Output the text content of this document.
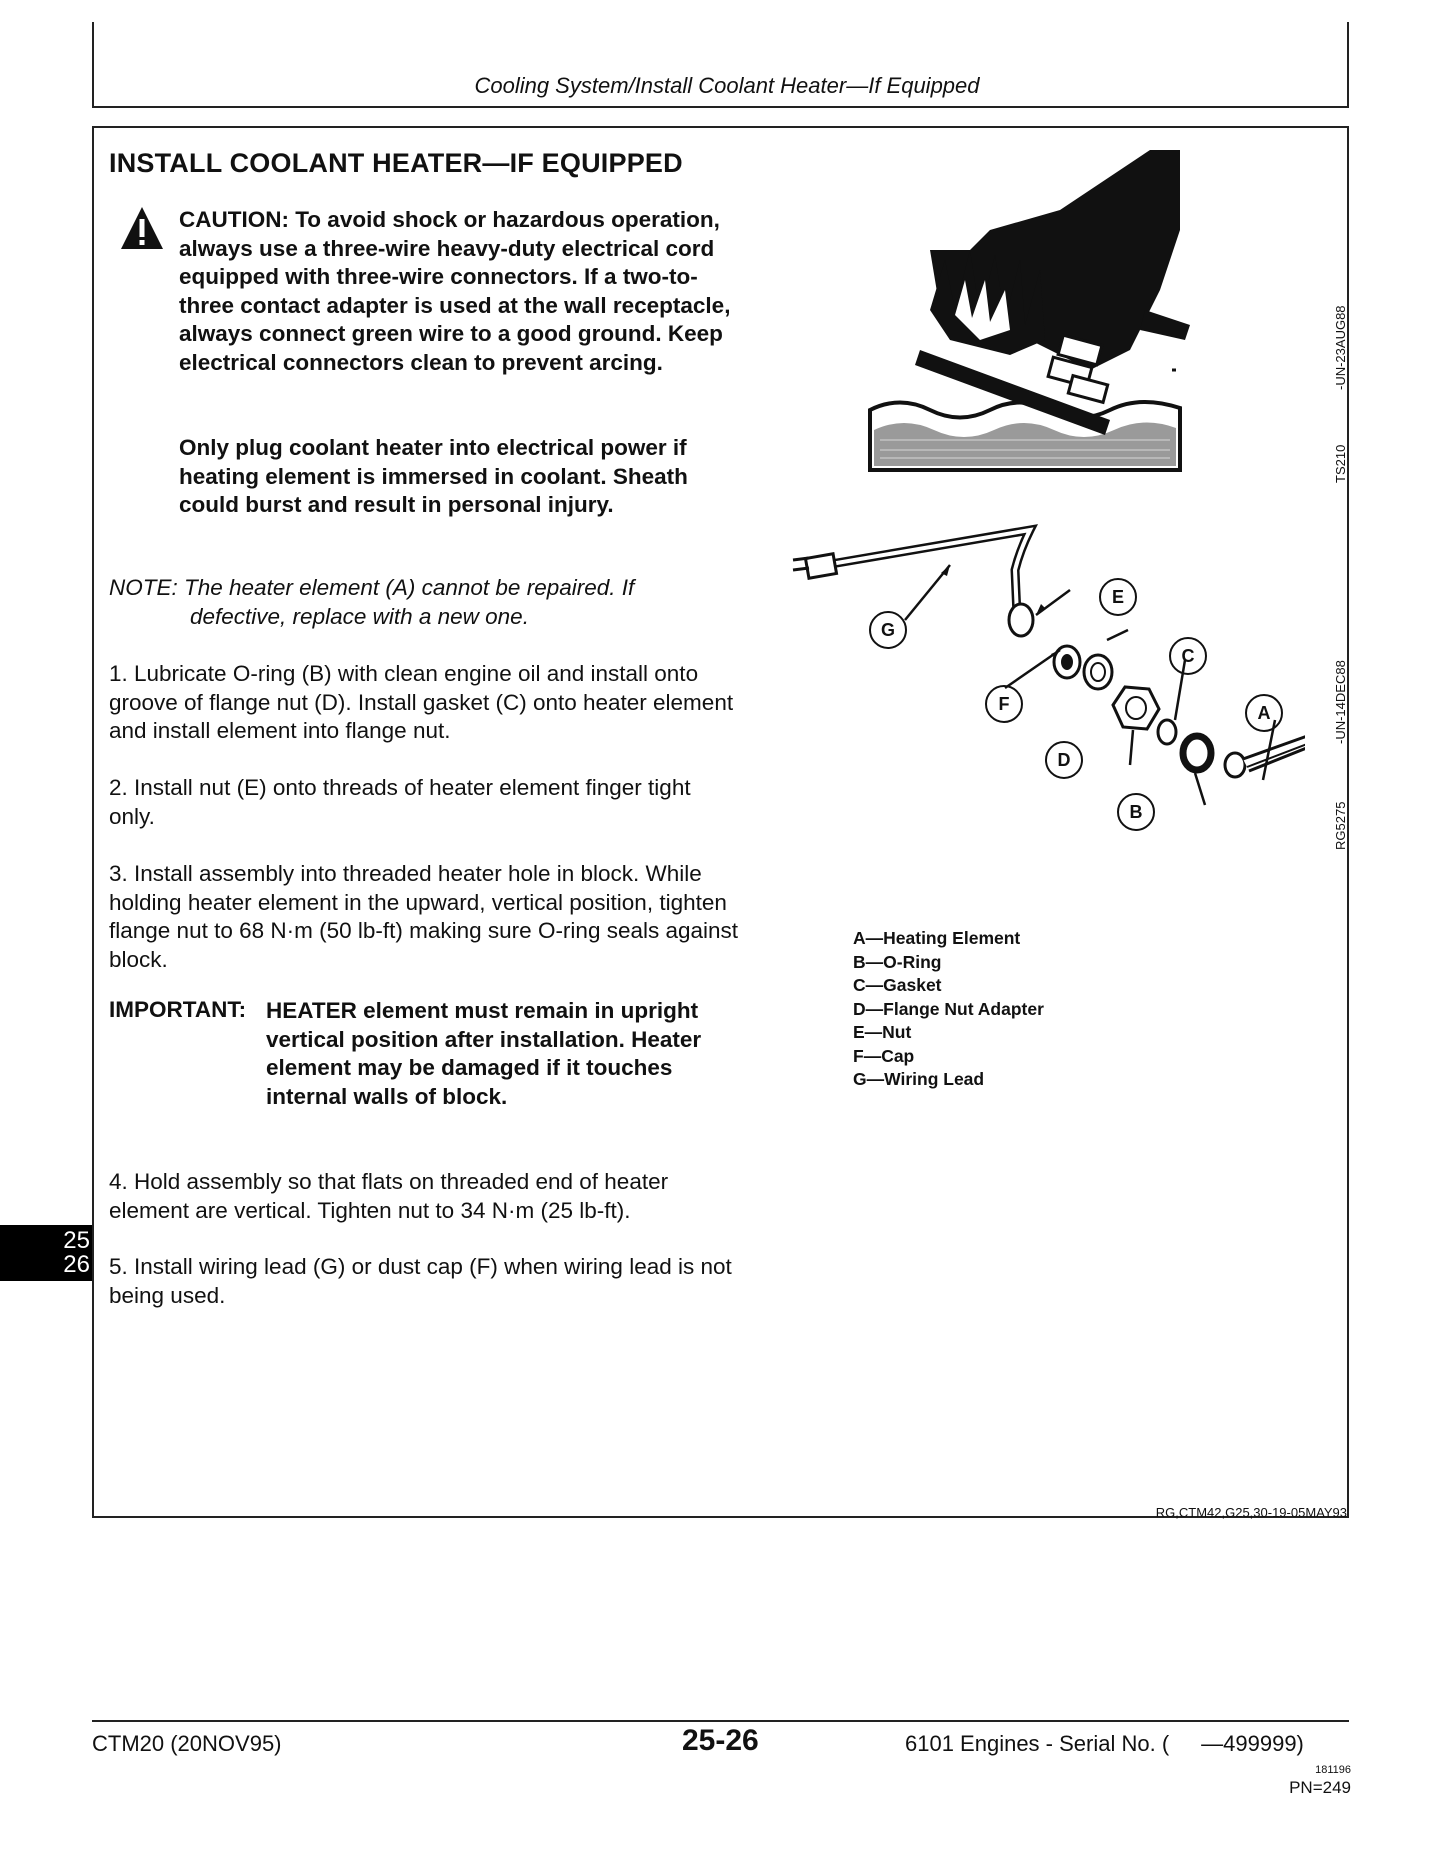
Cooling System/Install Coolant Heater—If Equipped
INSTALL COOLANT HEATER—IF EQUIPPED
CAUTION: To avoid shock or hazardous operation, always use a three-wire heavy-duty electrical cord equipped with three-wire connectors. If a two-to-three contact adapter is used at the wall receptacle, always connect green wire to a good ground. Keep electrical connectors clean to prevent arcing.
Only plug coolant heater into electrical power if heating element is immersed in coolant. Sheath could burst and result in personal injury.
NOTE: The heater element (A) cannot be repaired. If
defective, replace with a new one.
1. Lubricate O-ring (B) with clean engine oil and install onto groove of flange nut (D). Install gasket (C) onto heater element and install element into flange nut.
2. Install nut (E) onto threads of heater element finger tight only.
3. Install assembly into threaded heater hole in block. While holding heater element in the upward, vertical position, tighten flange nut to 68 N·m (50 lb-ft) making sure O-ring seals against block.
IMPORTANT: HEATER element must remain in upright vertical position after installation. Heater element may be damaged if it touches internal walls of block.
4. Hold assembly so that flats on threaded end of heater element are vertical. Tighten nut to 34 N·m (25 lb-ft).
5. Install wiring lead (G) or dust cap (F) when wiring lead is not being used.
TS210
-UN-23AUG88
G
E
C
F	A
D
B	RG5275
-UN-14DEC88
A—Heating Element
B—O-Ring
C—Gasket
D—Flange Nut Adapter
E—Nut
F—Cap
G—Wiring Lead
RG,CTM42,G25,30-19-05MAY93
25
26
CTM20 (20NOV95)	25-26	6101 Engines - Serial No. ( —499999)
181196
PN=249
